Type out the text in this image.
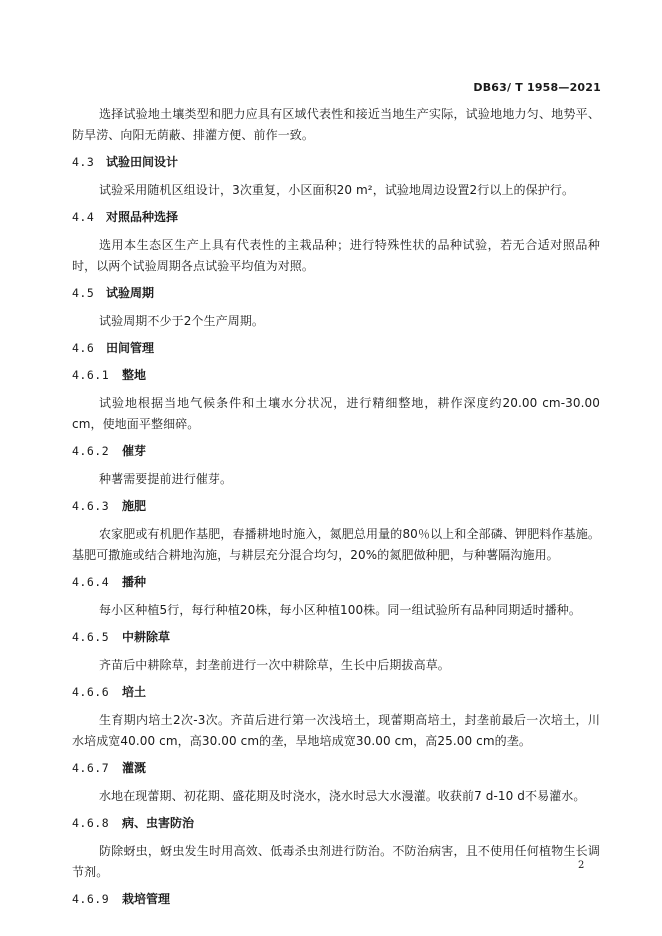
DB63/ T 1958—2021

选择试验地土壤类型和肥力应具有区域代表性和接近当地生产实际，试验地地力匀、地势平、防旱涝、向阳无荫蔽、排灌方便、前作一致。

4.3 试验田间设计

试验采用随机区组设计，3次重复，小区面积20 m²，试验地周边设置2行以上的保护行。

4.4 对照品种选择

选用本生态区生产上具有代表性的主栽品种；进行特殊性状的品种试验，若无合适对照品种时，以两个试验周期各点试验平均值为对照。

4.5 试验周期

试验周期不少于2个生产周期。

4.6 田间管理
4.6.1 整地

试验地根据当地气候条件和土壤水分状况，进行精细整地，耕作深度约20.00 cm-30.00 cm，使地面平整细碎。

4.6.2 催芽

种薯需要提前进行催芽。

4.6.3 施肥

农家肥或有机肥作基肥，春播耕地时施入，氮肥总用量的80％以上和全部磷、钾肥料作基施。基肥可撒施或结合耕地沟施，与耕层充分混合均匀，20%的氮肥做种肥，与种薯隔沟施用。

4.6.4 播种

每小区种植5行，每行种植20株，每小区种植100株。同一组试验所有品种同期适时播种。

4.6.5 中耕除草

齐苗后中耕除草，封垄前进行一次中耕除草，生长中后期拔高草。

4.6.6 培土

生育期内培土2次-3次。齐苗后进行第一次浅培土，现蕾期高培土，封垄前最后一次培土，川水培成宽40.00 cm，高30.00 cm的垄，旱地培成宽30.00 cm，高25.00 cm的垄。

4.6.7 灌溉

水地在现蕾期、初花期、盛花期及时浇水，浇水时忌大水漫灌。收获前7 d-10 d不易灌水。

4.6.8 病、虫害防治

防除蚜虫，蚜虫发生时用高效、低毒杀虫剂进行防治。不防治病害，且不使用任何植物生长调节剂。

4.6.9 栽培管理
2
